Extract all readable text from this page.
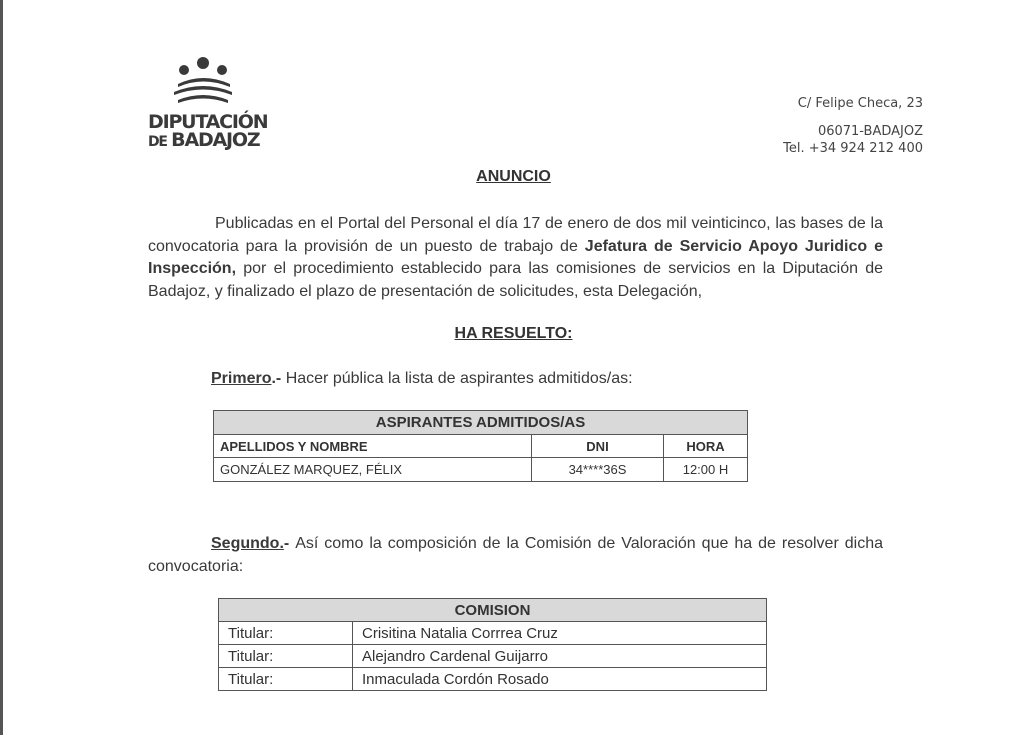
DIPUTACIÓN
DE BADAJOZ
C/ Felipe Checa, 23
06071-BADAJOZ
Tel. +34 924 212 400
ANUNCIO
Publicadas en el Portal del Personal el día 17 de enero de dos mil veinticinco, las bases de la convocatoria para la provisión de un puesto de trabajo de Jefatura de Servicio Apoyo Juridico e Inspección, por el procedimiento establecido para las comisiones de servicios en la Diputación de Badajoz, y finalizado el plazo de presentación de solicitudes, esta Delegación,
HA RESUELTO:
Primero.- Hacer pública la lista de aspirantes admitidos/as:
ASPIRANTES ADMITIDOS/AS		
APELLIDOS Y NOMBRE	DNI	HORA
GONZÁLEZ MARQUEZ, FÉLIX	34****36S	12:00 H
Segundo.- Así como la composición de la Comisión de Valoración que ha de resolver dicha convocatoria:
COMISION	
Titular:	Crisitina Natalia Corrrea Cruz
Titular:	Alejandro Cardenal Guijarro
Titular:	Inmaculada Cordón Rosado
